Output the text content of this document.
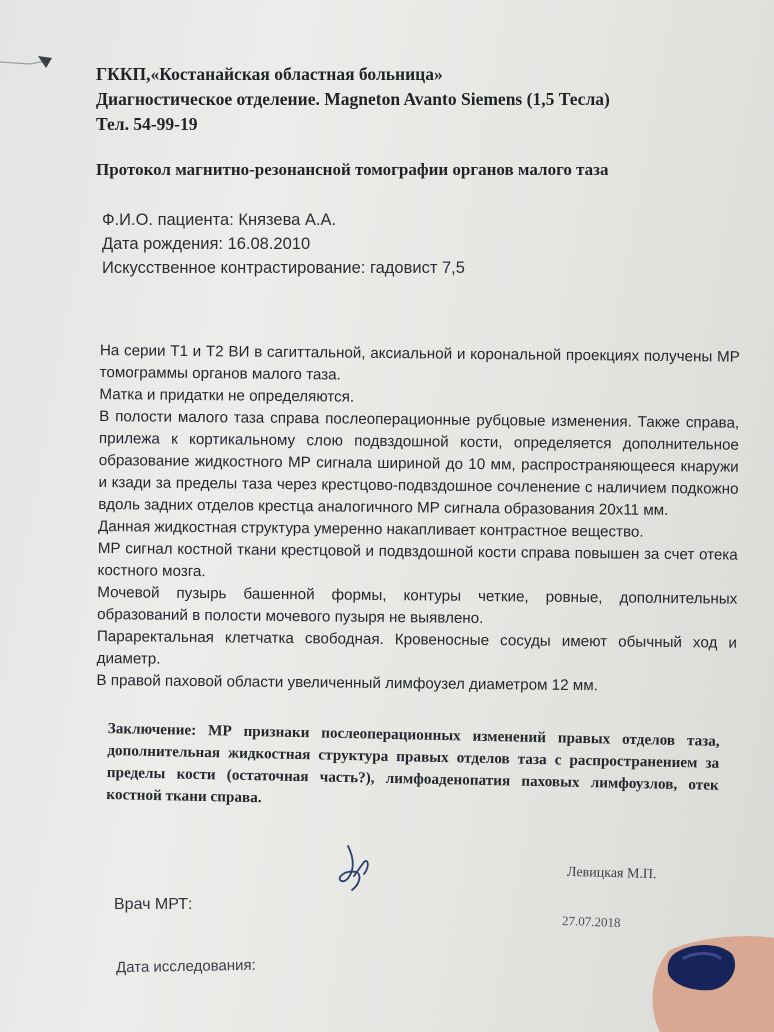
ГККП,«Костанайская областная больница»
Диагностическое отделение. Magneton Avanto Siemens (1,5 Тесла)
Тел. 54-99-19
Протокол магнитно-резонансной томографии органов малого таза
Ф.И.О. пациента: Князева А.А.
Дата рождения: 16.08.2010
Искусственное контрастирование: гадовист 7,5

На серии Т1 и Т2 ВИ в сагиттальной, аксиальной и корональной проекциях получены МР томограммы органов малого таза.

Матка и придатки не определяются.

В полости малого таза справа послеоперационные рубцовые изменения. Также справа, прилежа к кортикальному слою подвздошной кости, определяется дополнительное образование жидкостного МР сигнала шириной до 10 мм, распространяющееся кнаружи и кзади за пределы таза через крестцово-подвздошное сочленение с наличием подкожно вдоль задних отделов крестца аналогичного МР сигнала образования 20х11 мм.

Данная жидкостная структура умеренно накапливает контрастное вещество.

МР сигнал костной ткани крестцовой и подвздошной кости справа повышен за счет отека костного мозга.

Мочевой пузырь башенной формы, контуры четкие, ровные, дополнительных образований в полости мочевого пузыря не выявлено.

Параректальная клетчатка свободная. Кровеносные сосуды имеют обычный ход и диаметр.

В правой паховой области увеличенный лимфоузел диаметром 12 мм.

Заключение: МР признаки послеоперационных изменений правых отделов таза, дополнительная жидкостная структура правых отделов таза с распространением за пределы кости (остаточная часть?), лимфоаденопатия паховых лимфоузлов, отек костной ткани справа.
Левицкая М.П.
Врач МРТ:
27.07.2018
Дата исследования:
